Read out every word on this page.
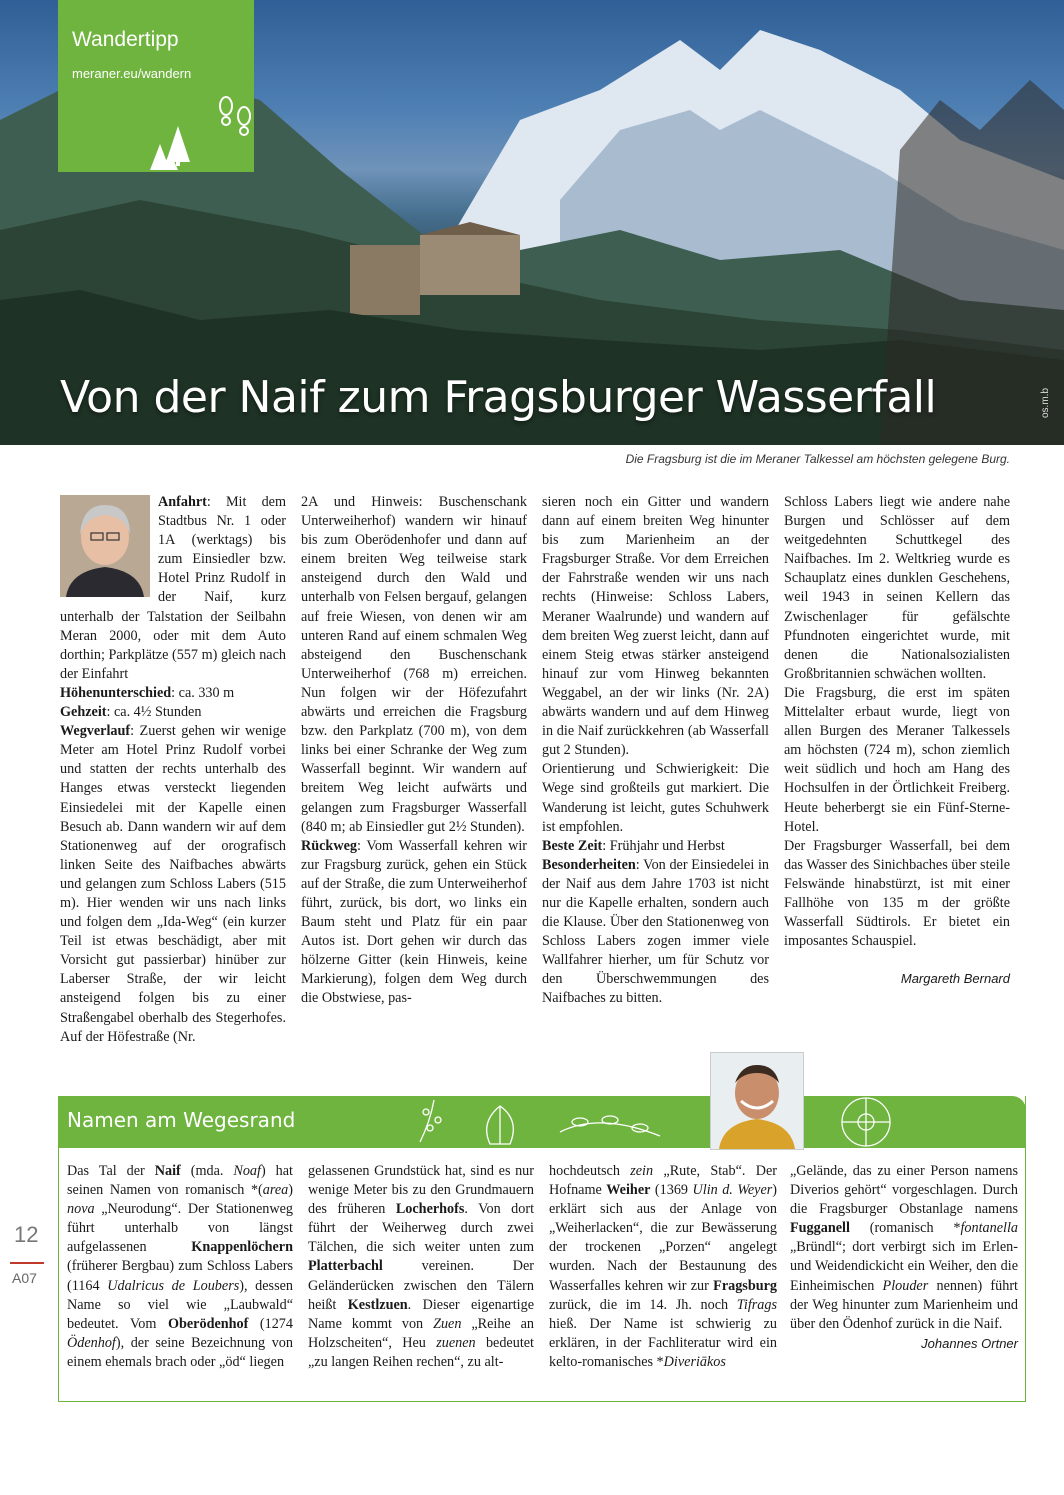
Wandertipp
meraner.eu/wandern
Von der Naif zum Fragsburger Wasserfall	os.m.b
Die Fragsburg ist die im Meraner Talkessel am höchsten gelegene Burg.

Anfahrt: Mit dem Stadtbus Nr. 1 oder 1A (werktags) bis zum Einsiedler bzw. Hotel Prinz Rudolf in der Naif, kurz unterhalb der Talstation der Seilbahn Meran 2000, oder mit dem Auto dorthin; Parkplätze (557 m) gleich nach der Einfahrt

Höhenunterschied: ca. 330 m

Gehzeit: ca. 4½ Stunden

Wegverlauf: Zuerst gehen wir wenige Meter am Hotel Prinz Rudolf vorbei und statten der rechts unterhalb des Hanges etwas versteckt liegenden Einsiedelei mit der Kapelle einen Besuch ab. Dann wandern wir auf dem Stationenweg auf der orografisch linken Seite des Naifbaches abwärts und gelangen zum Schloss Labers (515 m). Hier wenden wir uns nach links und folgen dem „Ida-Weg“ (ein kurzer Teil ist etwas beschädigt, aber mit Vorsicht gut passierbar) hinüber zur Laberser Straße, der wir leicht ansteigend folgen bis zu einer Straßengabel oberhalb des Stegerhofes. Auf der Höfestraße (Nr.

2A und Hinweis: Buschenschank Unterweiherhof) wandern wir hinauf bis zum Oberödenhofer und dann auf einem breiten Weg teilweise stark ansteigend durch den Wald und unterhalb von Felsen bergauf, gelangen auf freie Wiesen, von denen wir am unteren Rand auf einem schmalen Weg absteigend den Buschenschank Unterweiherhof (768 m) erreichen. Nun folgen wir der Höfezufahrt abwärts und erreichen die Fragsburg bzw. den Parkplatz (700 m), von dem links bei einer Schranke der Weg zum Wasserfall beginnt. Wir wandern auf breitem Weg leicht aufwärts und gelangen zum Fragsburger Wasserfall (840 m; ab Einsiedler gut 2½ Stunden).

Rückweg: Vom Wasserfall kehren wir zur Fragsburg zurück, gehen ein Stück auf der Straße, die zum Unterweiherhof führt, zurück, bis dort, wo links ein Baum steht und Platz für ein paar Autos ist. Dort gehen wir durch das hölzerne Gitter (kein Hinweis, keine Markierung), folgen dem Weg durch die Obstwiese, pas-

sieren noch ein Gitter und wandern dann auf einem breiten Weg hinunter bis zum Marienheim an der Fragsburger Straße. Vor dem Erreichen der Fahrstraße wenden wir uns nach rechts (Hinweise: Schloss Labers, Meraner Waalrunde) und wandern auf dem breiten Weg zuerst leicht, dann auf einem Steig etwas stärker ansteigend hinauf zur vom Hinweg bekannten Weggabel, an der wir links (Nr. 2A) abwärts wandern und auf dem Hinweg in die Naif zurückkehren (ab Wasserfall gut 2 Stunden).

Orientierung und Schwierigkeit: Die Wege sind großteils gut markiert. Die Wanderung ist leicht, gutes Schuhwerk ist empfohlen.

Beste Zeit: Frühjahr und Herbst

Besonderheiten: Von der Einsiedelei in der Naif aus dem Jahre 1703 ist nicht nur die Kapelle erhalten, sondern auch die Klause. Über den Stationenweg von Schloss Labers zogen immer viele Wallfahrer hierher, um für Schutz vor den Überschwemmungen des Naifbaches zu bitten.

Schloss Labers liegt wie andere nahe Burgen und Schlösser auf dem weitgedehnten Schuttkegel des Naifbaches. Im 2. Weltkrieg wurde es Schauplatz eines dunklen Geschehens, weil 1943 in seinen Kellern das Zwischenlager für gefälschte Pfundnoten eingerichtet wurde, mit denen die Nationalsozialisten Großbritannien schwächen wollten.

Die Fragsburg, die erst im späten Mittelalter erbaut wurde, liegt von allen Burgen des Meraner Talkessels am höchsten (724 m), schon ziemlich weit südlich und hoch am Hang des Hochsulfen in der Örtlichkeit Freiberg. Heute beherbergt sie ein Fünf-Sterne-Hotel.

Der Fragsburger Wasserfall, bei dem das Wasser des Sinichbaches über steile Felswände hinabstürzt, ist mit einer Fallhöhe von 135 m der größte Wasserfall Südtirols. Er bietet ein imposantes Schauspiel.

Margareth Bernard

Namen am Wegesrand

Das Tal der Naif (mda. Noaf) hat seinen Namen von romanisch *(area) nova „Neurodung“. Der Stationenweg führt unterhalb von längst aufgelassenen Knappenlöchern (früherer Bergbau) zum Schloss Labers (1164 Udalricus de Loubers), dessen Name so viel wie „Laubwald“ bedeutet. Vom Oberödenhof (1274 Ödenhof), der seine Bezeichnung von einem ehemals brach oder „öd“ liegen

gelassenen Grundstück hat, sind es nur wenige Meter bis zu den Grundmauern des früheren Locherhofs. Von dort führt der Weiherweg durch zwei Tälchen, die sich weiter unten zum Platterbachl vereinen. Der Geländerücken zwischen den Tälern heißt Kestlzuen. Dieser eigenartige Name kommt von Zuen „Reihe an Holzscheiten“, Heu zuenen bedeutet „zu langen Reihen rechen“, zu alt-

hochdeutsch zein „Rute, Stab“. Der Hofname Weiher (1369 Ulin d. Weyer) erklärt sich aus der Anlage von „Weiherlacken“, die zur Bewässerung der trockenen „Porzen“ angelegt wurden. Nach der Bestaunung des Wasserfalles kehren wir zur Fragsburg zurück, die im 14. Jh. noch Tifrags hieß. Der Name ist schwierig zu erklären, in der Fachliteratur wird ein kelto-romanisches *Diveriākos

„Gelände, das zu einer Person namens Diverios gehört“ vorgeschlagen. Durch die Fragsburger Obstanlage namens Fugganell (romanisch *fontanella „Bründl“; dort verbirgt sich im Erlen- und Weidendickicht ein Weiher, den die Einheimischen Plouder nennen) führt der Weg hinunter zum Marienheim und über den Ödenhof zurück in die Naif.
Johannes Ortner

12
A07
